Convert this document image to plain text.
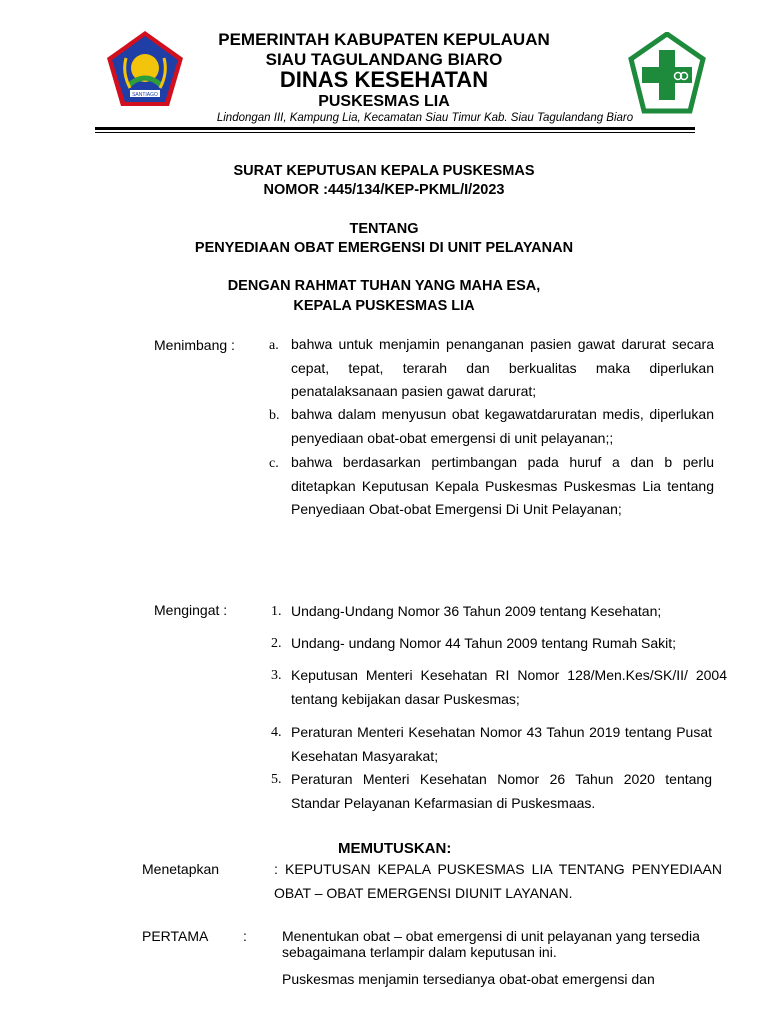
SANTIAGO
PEMERINTAH KABUPATEN KEPULAUAN
SIAU TAGULANDANG BIARO
DINAS KESEHATAN
PUSKESMAS LIA
Lindongan III, Kampung Lia, Kecamatan Siau Timur Kab. Siau Tagulandang Biaro
SURAT KEPUTUSAN KEPALA PUSKESMAS
NOMOR :445/134/KEP-PKML/I/2023
TENTANG
PENYEDIAAN OBAT EMERGENSI DI UNIT PELAYANAN
DENGAN RAHMAT TUHAN YANG MAHA ESA,
KEPALA PUSKESMAS LIA
Menimbang : a. bahwa untuk menjamin penanganan pasien gawat darurat secara cepat, tepat, terarah dan berkualitas maka diperlukan penatalaksanaan pasien gawat darurat;
b. bahwa dalam menyusun obat kegawatdaruratan medis, diperlukan penyediaan obat-obat emergensi di unit pelayanan;;
c. bahwa berdasarkan pertimbangan pada huruf a dan b perlu ditetapkan Keputusan Kepala Puskesmas Puskesmas Lia tentang Penyediaan Obat-obat Emergensi Di Unit Pelayanan;
Mengingat :	1. Undang-Undang Nomor 36 Tahun 2009 tentang Kesehatan;
2. Undang- undang Nomor 44 Tahun 2009 tentang Rumah Sakit;
3. Keputusan Menteri Kesehatan RI Nomor 128/Men.Kes/SK/II/ 2004 tentang kebijakan dasar Puskesmas;
4. Peraturan Menteri Kesehatan Nomor 43 Tahun 2019 tentang Pusat Kesehatan Masyarakat;
5. Peraturan Menteri Kesehatan Nomor 26 Tahun 2020 tentang Standar Pelayanan Kefarmasian di Puskesmaas.
MEMUTUSKAN:
Menetapkan	: KEPUTUSAN KEPALA PUSKESMAS LIA TENTANG PENYEDIAAN OBAT – OBAT EMERGENSI DIUNIT LAYANAN.
PERTAMA :	Menentukan obat – obat emergensi di unit pelayanan yang tersedia sebagaimana terlampir dalam keputusan ini.
Puskesmas menjamin tersedianya obat-obat emergensi dan
